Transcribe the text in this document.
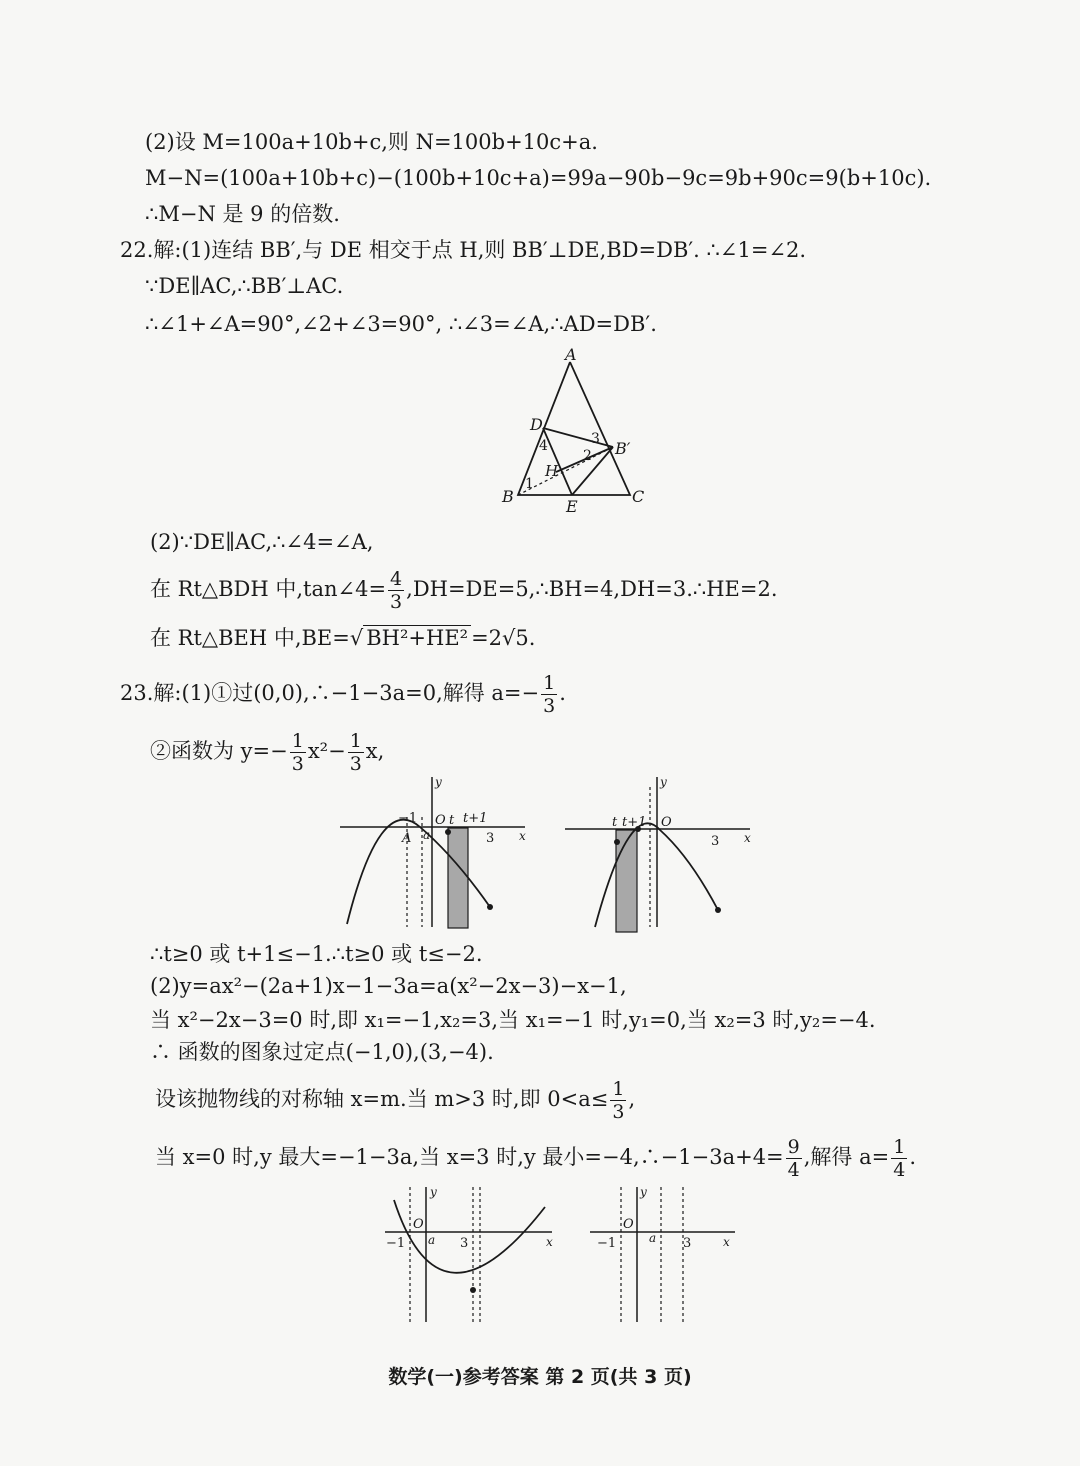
(2)设 M=100a+10b+c,则 N=100b+10c+a.
M−N=(100a+10b+c)−(100b+10c+a)=99a−90b−9c=9b+90c=9(b+10c).
∴M−N 是 9 的倍数.
22.解:(1)连结 BB′,与 DE 相交于点 H,则 BB′⊥DE,BD=DB′. ∴∠1=∠2.
∵DE∥AC,∴BB′⊥AC.
∴∠1+∠A=90°,∠2+∠3=90°, ∴∠3=∠A,∴AD=DB′.
A
B	C
D
E
H
B′
1
2
3
4
(2)∵DE∥AC,∴∠4=∠A,
在 Rt△BDH 中,tan∠4= $\frac{4}{3}$ ,DH=DE=5,∴BH=4,DH=3.∴HE=2.
在 Rt△BEH 中,BE=√ BH²+HE² =2√5.
23.解:(1)①过(0,0),∴−1−3a=0,解得 $a=- \frac{1}{3}$ .
②函数为 $y=- \frac{1}{3} x^2- \frac{1}{3} x$,
y
x
−1 O t t+1
3
A a
y
x
t t+1 O
3
∴t≥0 或 t+1≤−1.∴t≥0 或 t≤−2.
(2)y=ax²−(2a+1)x−1−3a=a(x²−2x−3)−x−1,
当 x²−2x−3=0 时,即 x₁=−1,x₂=3,当 x₁=−1 时,y₁=0,当 x₂=3 时,y₂=−4.
∴ 函数的图象过定点(−1,0),(3,−4).
设该抛物线的对称轴 x=m.当 m>3 时,即 $0<a\le \frac{1}{3}$ ,
当 x=0 时,y 最大=−1−3a,当 x=3 时,y 最小=−4,∴−1−3a+4= $\frac{9}{4}$ ,解得 $a= \frac{1}{4}$ .
y
O
x
−1 a 3
y
O
x
−1	a 3
数学(一)参考答案 第 2 页(共 3 页)
